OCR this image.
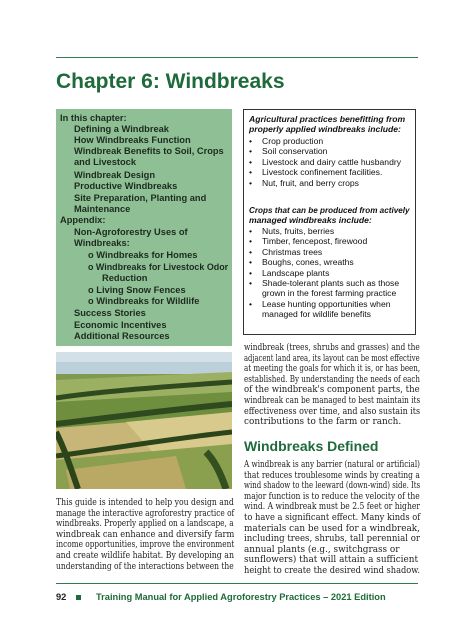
Chapter 6: Windbreaks
In this chapter:
Defining a Windbreak
How Windbreaks Function
Windbreak Benefits to Soil, Crops
and Livestock
Windbreak Design
Productive Windbreaks
Site Preparation, Planting and
Maintenance
Appendix:
Non-Agroforestry Uses of
Windbreaks:
o Windbreaks for Homes
o Windbreaks for Livestock Odor
Reduction
o Living Snow Fences
o Windbreaks for Wildlife
Success Stories
Economic Incentives
Additional Resources
Agricultural practices benefitting from
properly applied windbreaks include:
• Crop production
• Soil conservation
• Livestock and dairy cattle husbandry
• Livestock confinement facilities.
• Nut, fruit, and berry crops
Crops that can be produced from actively
managed windbreaks include:
• Nuts, fruits, berries
• Timber, fencepost, firewood
• Christmas trees
• Boughs, cones, wreaths
• Landscape plants
• Shade-tolerant plants such as those
grown in the forest farming practice
• Lease hunting opportunities when
managed for wildlife benefits
This guide is intended to help you design and
manage the interactive agroforestry practice of
windbreaks. Properly applied on a landscape, a
windbreak can enhance and diversify farm
income opportunities, improve the environment
and create wildlife habitat. By developing an
understanding of the interactions between the
windbreak (trees, shrubs and grasses) and the
adjacent land area, its layout can be most effective
at meeting the goals for which it is, or has been,
established. By understanding the needs of each
of the windbreak's component parts, the
windbreak can be managed to best maintain its
effectiveness over time, and also sustain its
contributions to the farm or ranch.
Windbreaks Defined
A windbreak is any barrier (natural or artificial)
that reduces troublesome winds by creating a
wind shadow to the leeward (down-wind) side. Its
major function is to reduce the velocity of the
wind. A windbreak must be 2.5 feet or higher
to have a significant effect. Many kinds of
materials can be used for a windbreak,
including trees, shrubs, tall perennial or
annual plants (e.g., switchgrass or
sunflowers) that will attain a sufficient
height to create the desired wind shadow.
92	Training Manual for Applied Agroforestry Practices – 2021 Edition
